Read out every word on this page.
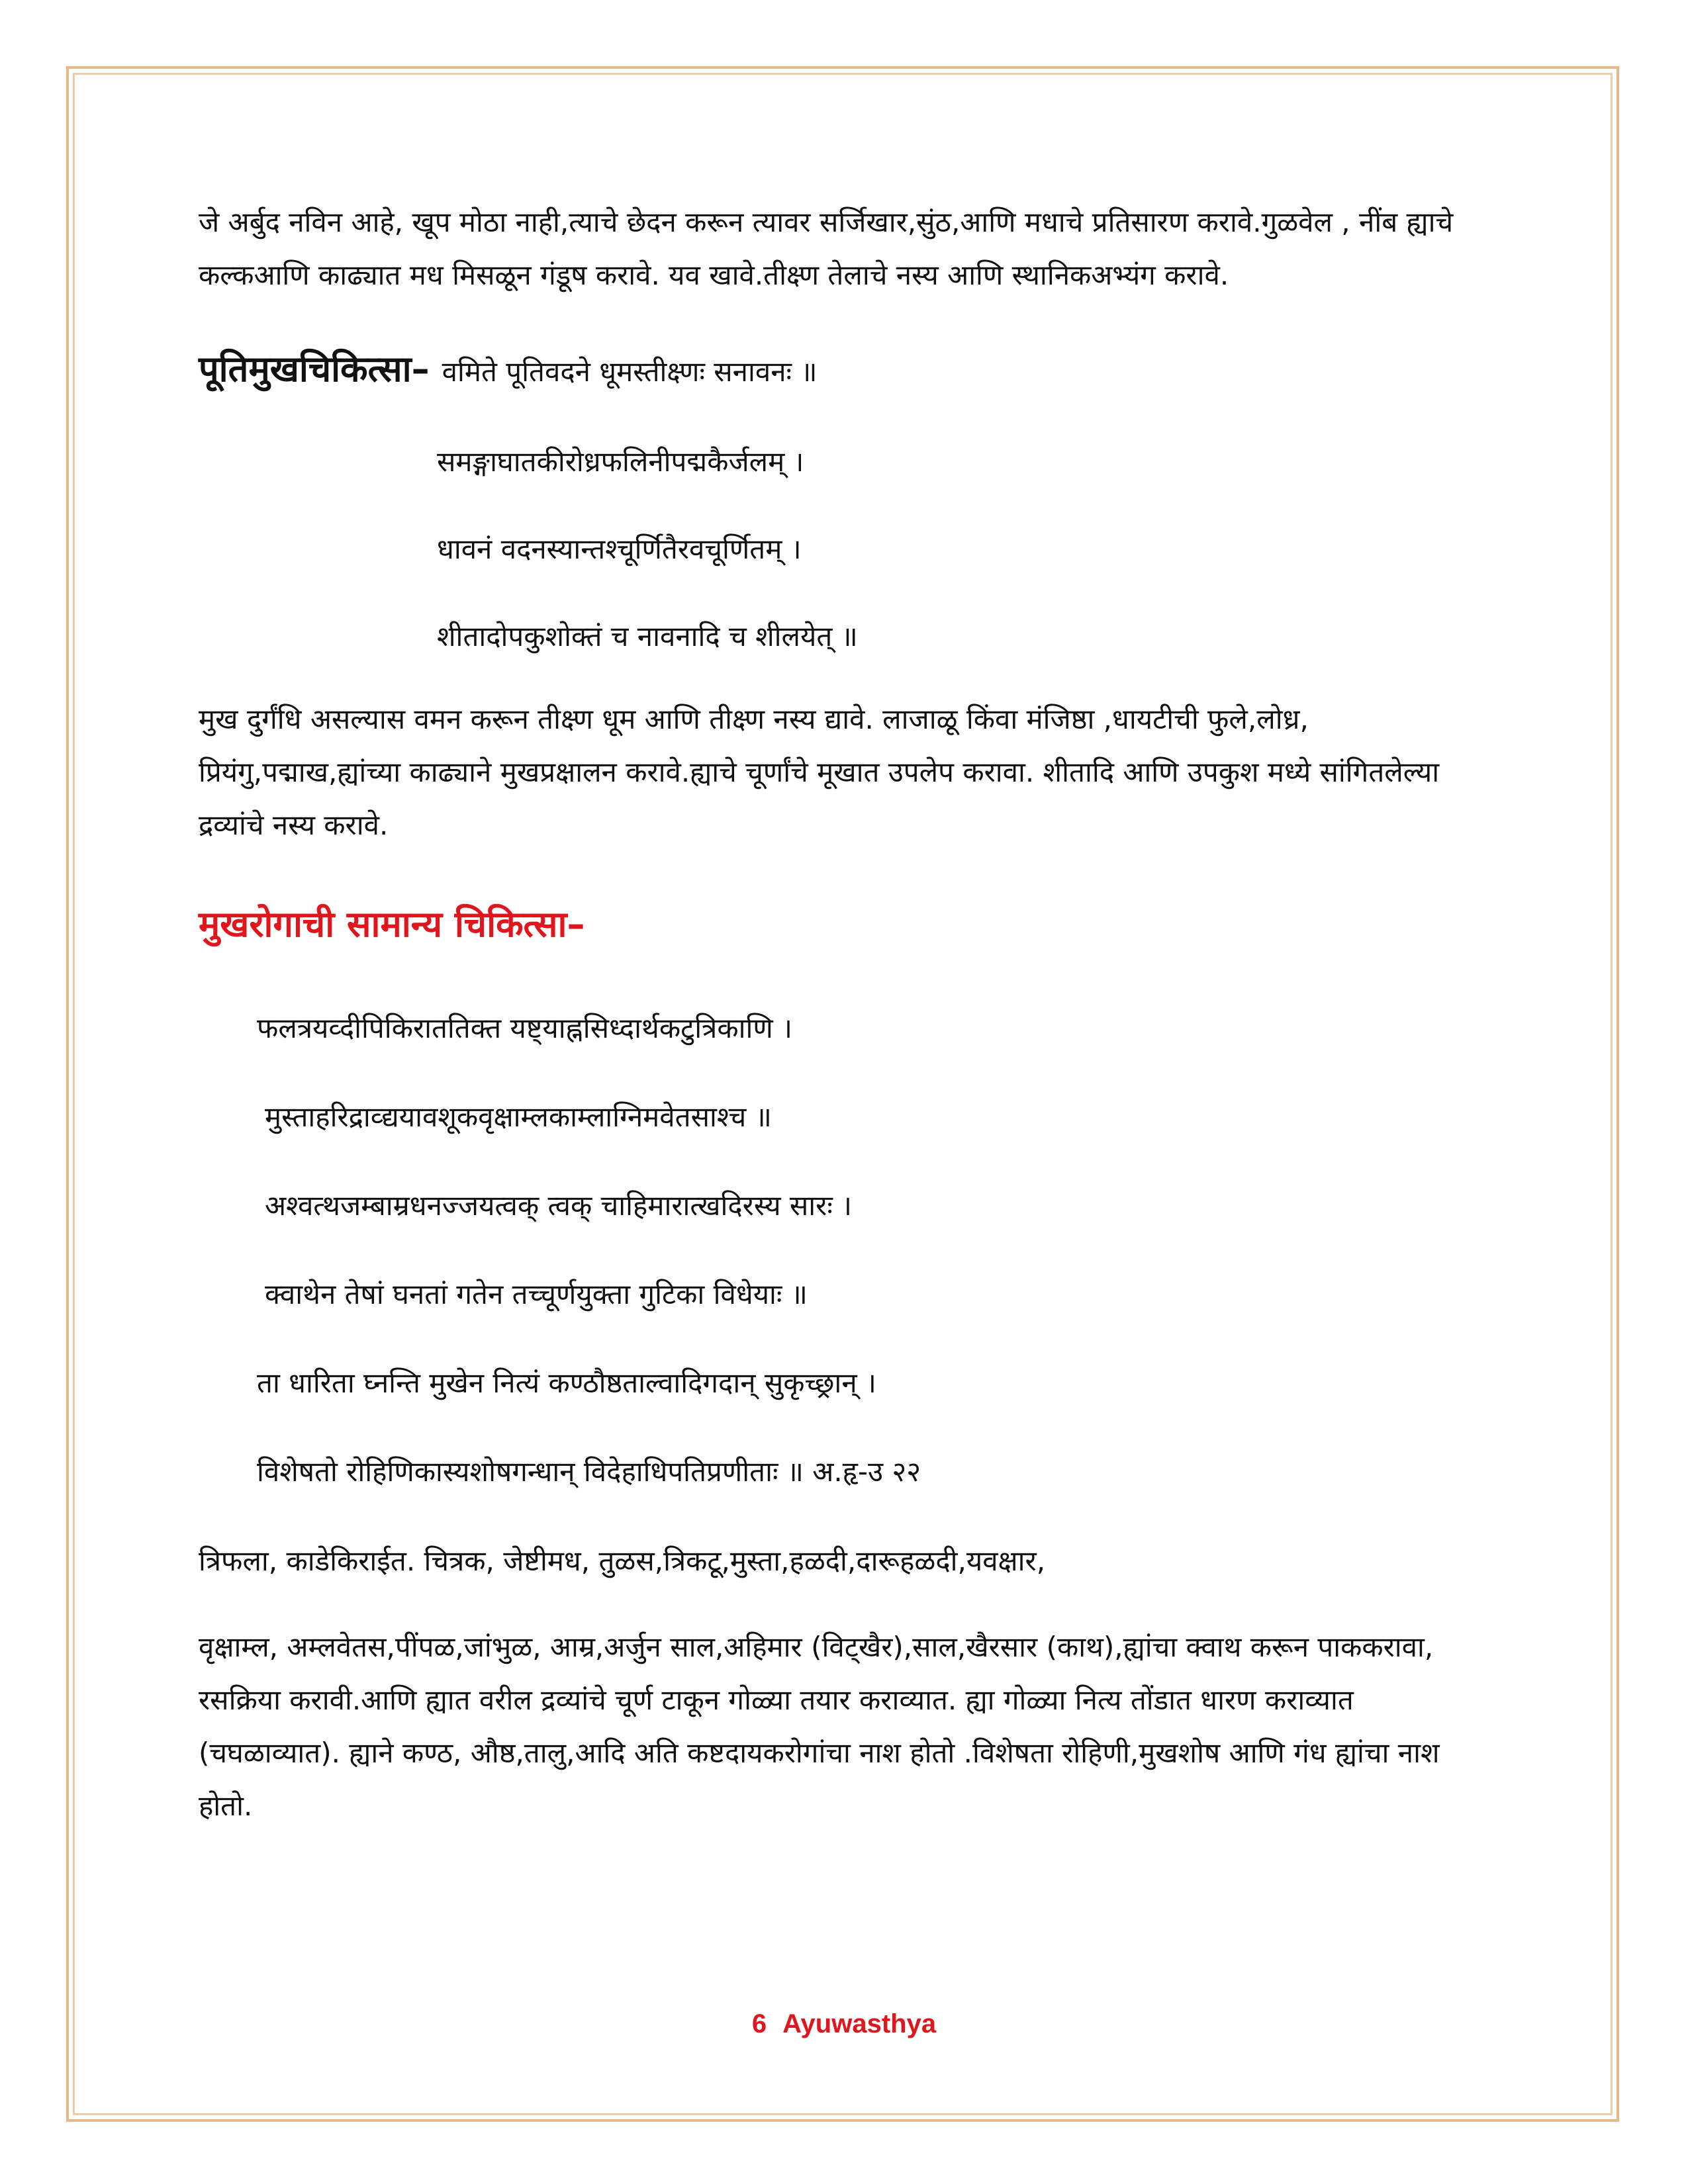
जे अर्बुद नविन आहे, खूप मोठा नाही,त्याचे छेदन करून त्यावर सर्जिखार,सुंठ,आणि मधाचे प्रतिसारण करावे.गुळवेल , नींब ह्याचे कल्कआणि काढ्यात मध मिसळून गंडूष करावे. यव खावे.तीक्ष्ण तेलाचे नस्य आणि स्थानिकअभ्यंग करावे.

पूतिमुखचिकित्सा– वमिते पूतिवदने धूमस्तीक्ष्णः सनावनः ॥

समङ्गाघातकीरोध्रफलिनीपद्मकैर्जलम् ।

धावनं वदनस्यान्तश्चूर्णितैरवचूर्णितम् ।

शीतादोपकुशोक्तं च नावनादि च शीलयेत् ॥

मुख दुर्गंधि असल्यास वमन करून तीक्ष्ण धूम आणि तीक्ष्ण नस्य द्यावे. लाजाळू किंवा मंजिष्ठा ,धायटीची फुले,लोध्र, प्रियंगु,पद्माख,ह्यांच्या काढ्याने मुखप्रक्षालन करावे.ह्याचे चूर्णांचे मूखात उपलेप करावा. शीतादि आणि उपकुश मध्ये सांगितलेल्या द्रव्यांचे नस्य करावे.

मुखरोगाची सामान्य चिकित्सा–

फलत्रयव्दीपिकिराततिक्त यष्ट्याह्नसिध्दार्थकटुत्रिकाणि ।

मुस्ताहरिद्राव्द्ययावशूकवृक्षाम्लकाम्लाग्निमवेतसाश्च ॥

अश्वत्थजम्बाम्रधनज्जयत्वक् त्वक् चाहिमारात्खदिरस्य सारः ।

क्वाथेन तेषां घनतां गतेन तच्चूर्णयुक्ता गुटिका विधेयाः ॥

ता धारिता घ्नन्ति मुखेन नित्यं कण्ठौष्ठताल्वादिगदान् सुकृच्छ्रान् ।

विशेषतो रोहिणिकास्यशोषगन्धान् विदेहाधिपतिप्रणीताः ॥ अ.हृ-उ २२

त्रिफला, काडेकिराईत. चित्रक, जेष्टीमध, तुळस,त्रिकटू,मुस्ता,हळदी,दारूहळदी,यवक्षार,

वृक्षाम्ल, अम्लवेतस,पींपळ,जांभुळ, आम्र,अर्जुन साल,अहिमार (विट्खैर),साल,खैरसार (काथ),ह्यांचा क्वाथ करून पाककरावा, रसक्रिया करावी.आणि ह्यात वरील द्रव्यांचे चूर्ण टाकून गोळ्या तयार कराव्यात. ह्या गोळ्या नित्य तोंडात धारण कराव्यात (चघळाव्यात). ह्याने कण्ठ, औष्ठ,तालु,आदि अति कष्टदायकरोगांचा नाश होतो .विशेषता रोहिणी,मुखशोष आणि गंध ह्यांचा नाश होतो.

6 Ayuwasthya
